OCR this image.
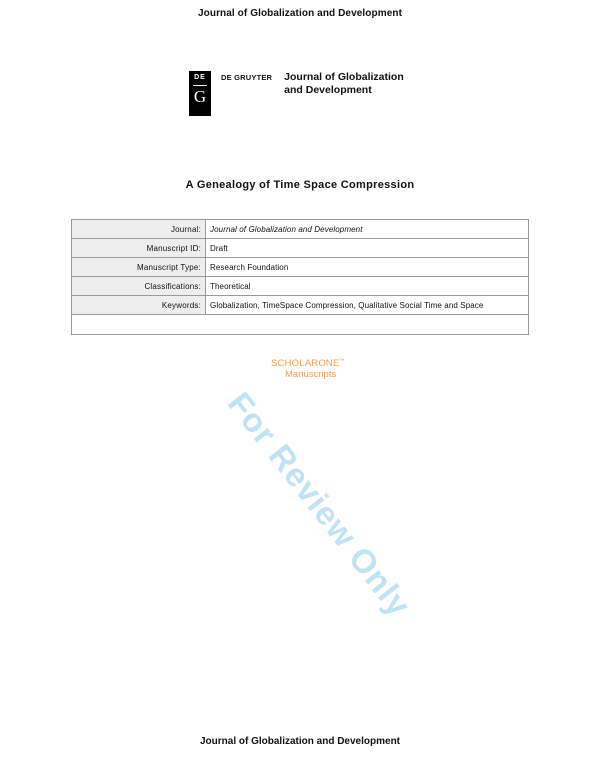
Journal of Globalization and Development
DE
G
DE GRUYTER Journal of Globalization
and Development
A Genealogy of Time Space Compression
Journal:	Journal of Globalization and Development
Manuscript ID:	Draft
Manuscript Type:	Research Foundation
Classifications:	Theoretical
Keywords:	Globalization, TimeSpace Compression, Qualitative Social Time and Space

SCHOLARONE™
Manuscripts
For Review Only
Journal of Globalization and Development
